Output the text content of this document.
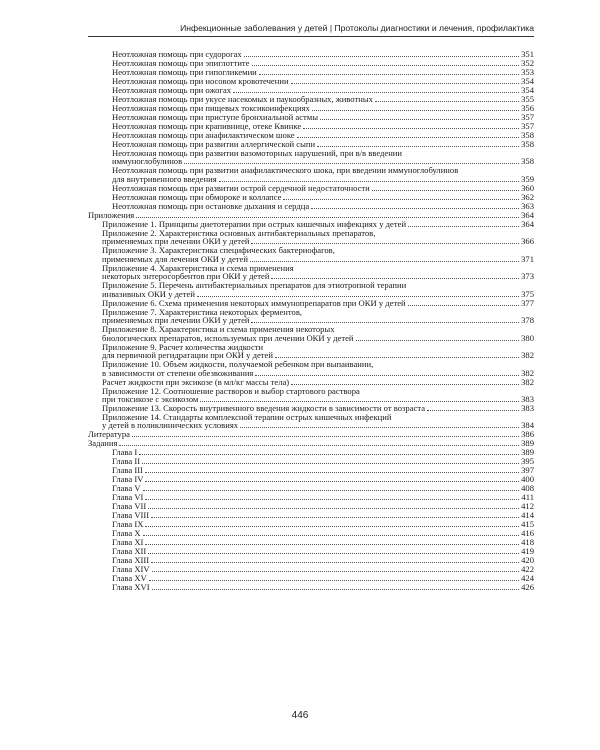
Инфекционные заболевания у детей | Протоколы диагностики и лечения, профилактика
Неотложная помощь при судорогах	351
Неотложная помощь при эпиглоттите	352
Неотложная помощь при гипогликемии	353
Неотложная помощь при носовом кровотечении	354
Неотложная помощь при ожогах	354
Неотложная помощь при укусе насекомых и паукообразных, животных	355
Неотложная помощь при пищевых токсикоинфекциях	356
Неотложная помощь при приступе бронхиальной астмы	357
Неотложная помощь при крапивнице, отеке Квинке	357
Неотложная помощь при анафилактическом шоке	358
Неотложная помощь при развитии аллергической сыпи	358
Неотложная помощь при развитии вазомоторных нарушений, при в/в введении
иммуноглобулинов	358
Неотложная помощь при развитии анафилактического шока, при введении иммуноглобулинов
для внутривенного введения	359
Неотложная помощь при развитии острой сердечной недостаточности	360
Неотложная помощь при обмороке и коллапсе	362
Неотложная помощь при остановке дыхания и сердца	363
Приложения	364
Приложение 1. Принципы диетотерапии при острых кишечных инфекциях у детей	364
Приложение 2. Характеристика основных антибактериальных препаратов,
применяемых при лечении ОКИ у детей	366
Приложение 3. Характеристика специфических бактериофагов,
применяемых для лечения ОКИ у детей	371
Приложение 4. Характеристика и схема применения
некоторых энтеросорбентов при ОКИ у детей	373
Приложение 5. Перечень антибактериальных препаратов для этиотропной терапии
инвазивных ОКИ у детей	375
Приложение 6. Схема применения некоторых иммунопрепаратов при ОКИ у детей	377
Приложение 7. Характеристика некоторых ферментов,
применяемых при лечении ОКИ у детей	378
Приложение 8. Характеристика и схема применения некоторых
биологических препаратов, используемых при лечении ОКИ у детей	380
Приложение 9. Расчет количества жидкости
для первичной регидратации при ОКИ у детей	382
Приложение 10. Объем жидкости, получаемой ребенком при выпаивании,
в зависимости от степени обезвоживания	382
Расчет жидкости при эксикозе (в мл/кг массы тела)	382
Приложение 12. Соотношение растворов и выбор стартового раствора
при токсикозе с эксикозом	383
Приложение 13. Скорость внутривенного введения жидкости в зависимости от возраста	383
Приложение 14. Стандарты комплексной терапии острых кишечных инфекций
у детей в поликлинических условиях	384
Литература	386
Задания	389
Глава I	389
Глава II	395
Глава III	397
Глава IV	400
Глава V	408
Глава VI	411
Глава VII	412
Глава VIII	414
Глава IX	415
Глава X	416
Глава XI	418
Глава XII	419
Глава XIII	420
Глава XIV	422
Глава XV	424
Глава XVI	426
446
